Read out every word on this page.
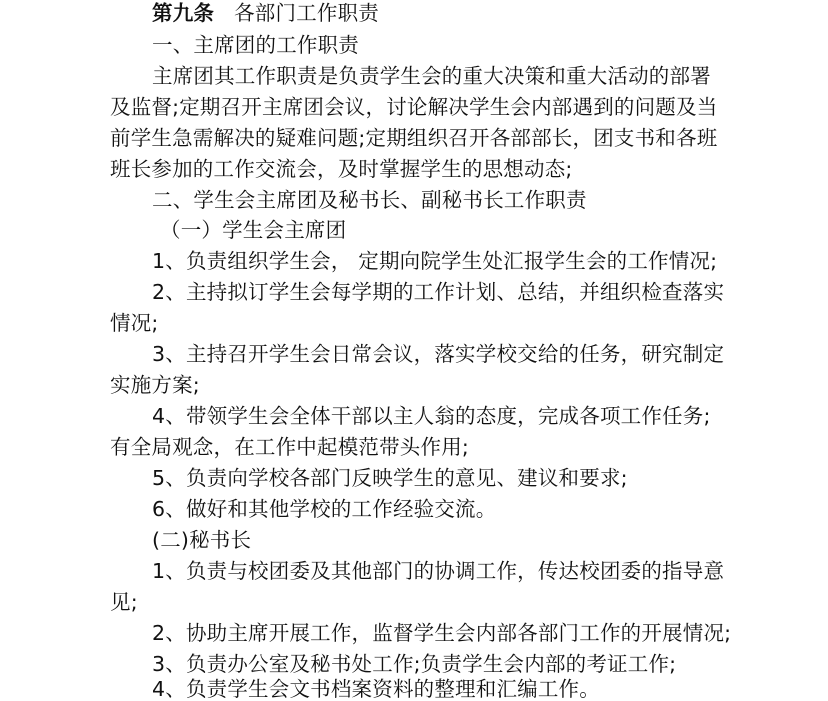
第九条 各部门工作职责

一、主席团的工作职责

主席团其工作职责是负责学生会的重大决策和重大活动的部署

及监督;定期召开主席团会议，讨论解决学生会内部遇到的问题及当

前学生急需解决的疑难问题;定期组织召开各部部长，团支书和各班

班长参加的工作交流会，及时掌握学生的思想动态;

二、学生会主席团及秘书长、副秘书长工作职责

（一）学生会主席团

1、负责组织学生会， 定期向院学生处汇报学生会的工作情况;

2、主持拟订学生会每学期的工作计划、总结，并组织检查落实

情况;

3、主持召开学生会日常会议，落实学校交给的任务，研究制定

实施方案;

4、带领学生会全体干部以主人翁的态度，完成各项工作任务;

有全局观念，在工作中起模范带头作用;

5、负责向学校各部门反映学生的意见、建议和要求;

6、做好和其他学校的工作经验交流。

(二)秘书长

1、负责与校团委及其他部门的协调工作，传达校团委的指导意

见;

2、协助主席开展工作，监督学生会内部各部门工作的开展情况;

3、负责办公室及秘书处工作;负责学生会内部的考证工作;

4、负责学生会文书档案资料的整理和汇编工作。
